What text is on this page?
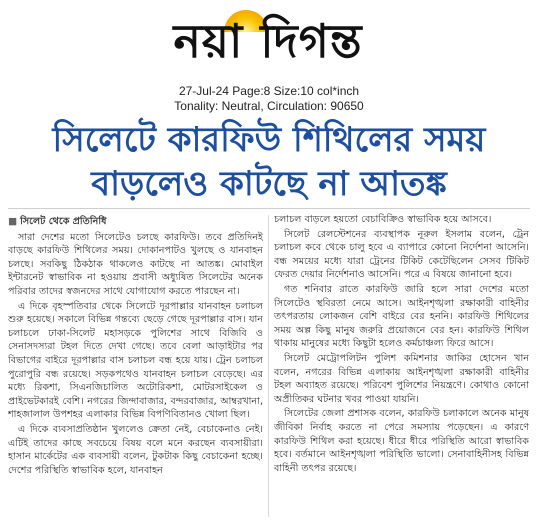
নয়া দিগন্ত
27-Jul-24 Page:8 Size:10 col*inch
Tonality: Neutral, Circulation: 90650
সিলেটে কারফিউ শিথিলের সময়
বাড়লেও কাটছে না আতঙ্ক
■ সিলেট থেকে প্রতিনিধি

সারা দেশের মতো সিলেটেও চলছে কারফিউ। তবে প্রতিদিনই বাড়ছে কারফিউ শিথিলের সময়। দোকানপাটও খুলছে ও যানবাহন চলছে। সবকিছু ঠিকঠাক থাকলেও কাটছে না আতঙ্ক। মোবাইল ইন্টারনেট স্বাভাবিক না হওয়ায় প্রবাসী অধ্যুষিত সিলেটের অনেক পরিবার তাদের স্বজনদের সাথে যোগাযোগ করতে পারছেন না।

এ দিকে বৃহস্পতিবার থেকে সিলেটে দূরপাল্লার যানবাহন চলাচল শুরু হয়েছে। সকালে বিভিন্ন গন্তব্যে ছেড়ে গেছে দূরপাল্লার বাস। যান চলাচলে ঢাকা-সিলেট মহাসড়কে পুলিশের সাথে বিজিবি ও সেনাসদস্যরা টহল দিতে দেখা গেছে। তবে বেলা আড়াইটার পর বিভাগের বাইরে দূরপাল্লার বাস চলাচল বন্ধ হয়ে যায়। ট্রেন চলাচল পুরোপুরি বন্ধ রয়েছে। সড়কপথেও যানবাহন চলাচল বেড়েছে। এর মধ্যে রিকশা, সিএনজিচালিত অটোরিকশা, মোটরসাইকেল ও প্রাইভেটকারই বেশি। নগরের জিন্দাবাজার, বন্দরবাজার, আম্বরখানা, শাহজালাল উপশহর এলাকার বিভিন্ন বিপণিবিতানও খোলা ছিল।

এ দিকে ব্যবসাপ্রতিষ্ঠান খুললেও ক্রেতা নেই, বেচাকেনাও নেই। এটিই তাদের কাছে সবচেয়ে বিষয় বলে মনে করছেন ব্যবসায়ীরা। হাসান মার্কেটের এক ব্যবসায়ী বলেন, টুকটাক কিছু বেচাকেনা হচ্ছে। দেশের পরিস্থিতি স্বাভাবিক হলে, যানবাহন

চলাচল বাড়লে হয়তো বেচাবিক্রিও স্বাভাবিক হয়ে আসবে।

সিলেট রেলস্টেশনের ব্যবস্থাপক নূরুল ইসলাম বলেন, ট্রেন চলাচল কবে থেকে চালু হবে এ ব্যাপারে কোনো নির্দেশনা আসেনি। বন্ধ সময়ের মধ্যে যারা ট্রেনের টিকিট কেটেছিলেন সেসব টিকিট ফেরত দেয়ার নির্দেশনাও আসেনি। পরে এ বিষয়ে জানানো হবে।

গত শনিবার রাতে কারফিউ জারি হলে সারা দেশের মতো সিলেটেও স্থবিরতা নেমে আসে। আইনশৃঙ্খলা রক্ষাকারী বাহিনীর তৎপরতায় লোকজন বেশি বাইরে বের হননি। কারফিউ শিথিলের সময় অল্প কিছু মানুষ জরুরি প্রয়োজনে বের হন। কারফিউ শিথিল থাকায় মানুষের মধ্যে কিছুটা হলেও কর্মচাঞ্চল্য ফিরে আসে।

সিলেট মেট্রোপলিটন পুলিশ কমিশনার জাকির হোসেন খান বলেন, নগরের বিভিন্ন এলাকায় আইনশৃঙ্খলা রক্ষাকারী বাহিনীর টহল অব্যাহত রয়েছে। পরিবেশ পুলিশের নিয়ন্ত্রণে। কোথাও কোনো অপ্রীতিকর ঘটনার খবর পাওয়া যায়নি।

সিলেটের জেলা প্রশাসক বলেন, কারফিউ চলাকালে অনেক মানুষ জীবিকা নির্বাহ করতে না পেরে সমস্যায় পড়েছেন। এ কারণে কারফিউ শিথিল করা হয়েছে। ধীরে ধীরে পরিস্থিতি আরো স্বাভাবিক হবে। বর্তমানে আইনশৃঙ্খলা পরিস্থিতি ভালো। সেনাবাহিনীসহ বিভিন্ন বাহিনী তৎপর রয়েছে।
